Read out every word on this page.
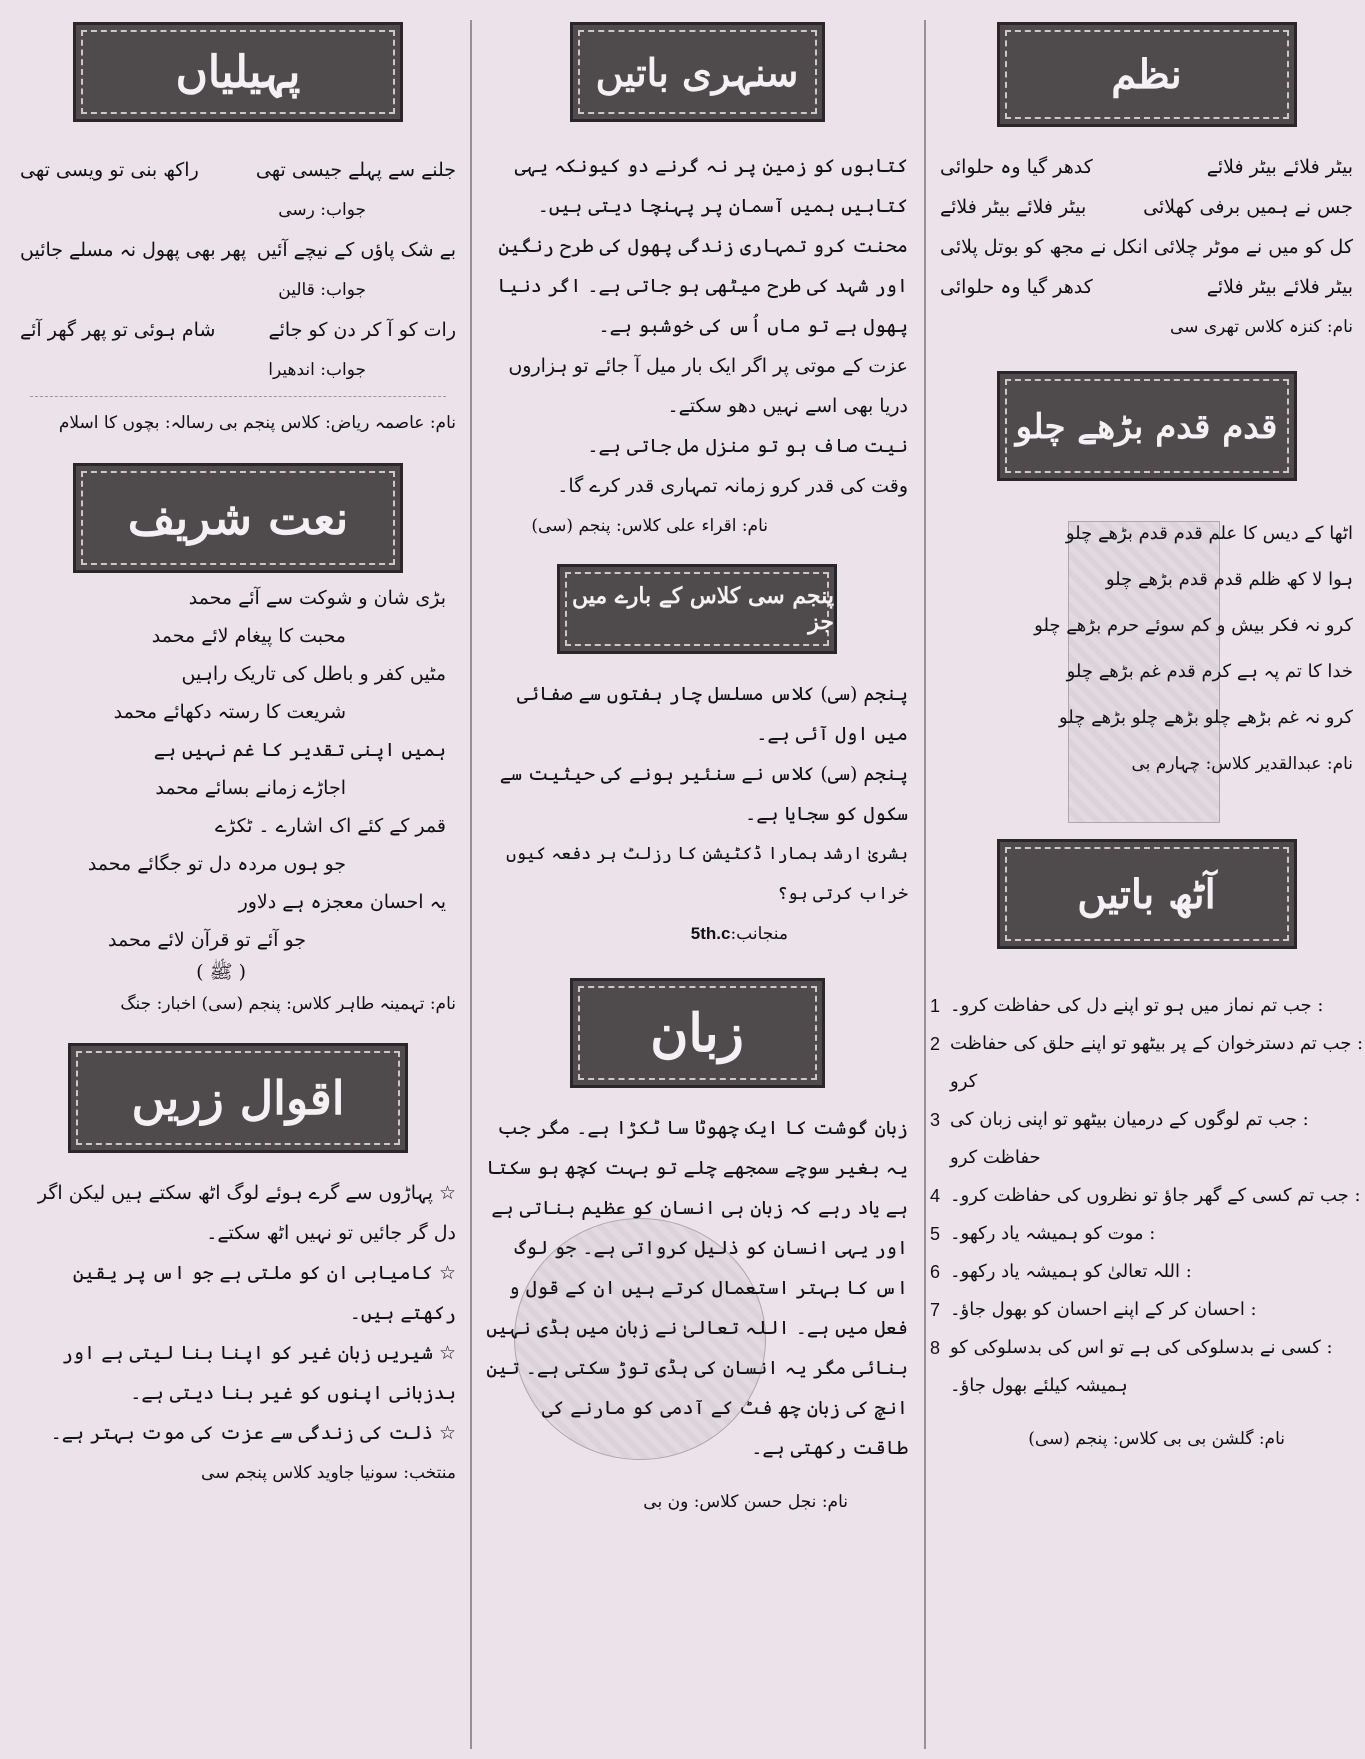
پہیلیاں
جلنے سے پہلے جیسی تھی
راکھ بنی تو ویسی تھی

جواب: رسی

بے شک پاؤں کے نیچے آئیں
پھر بھی پھول نہ مسلے جائیں

جواب: قالین

رات کو آ کر دن کو جائے
شام ہوئی تو پھر گھر آئے

جواب: اندھیرا

نام: عاصمہ ریاض: کلاس پنجم بی رسالہ: بچوں کا اسلام

نعت شریف

بڑی شان و شوکت سے آئے محمد

محبت کا پیغام لائے محمد

مٹیں کفر و باطل کی تاریک راہیں

شریعت کا رستہ دکھائے محمد

ہمیں اپنی تقدیر کا غم نہیں ہے

اجاڑے زمانے بسائے محمد

قمر کے کئے اک اشارے ۔ ٹکڑے

جو ہوں مردہ دل تو جگائے محمد

یہ احسان معجزہ ہے دلاور

جو آئے تو قرآن لائے محمد

( ﷺ )

نام: تہمینہ طاہر کلاس: پنجم (سی) اخبار: جنگ

اقوال زریں

☆ پہاڑوں سے گرے ہوئے لوگ اٹھ سکتے ہیں لیکن اگر دل گر جائیں تو نہیں اٹھ سکتے۔

☆ کامیابی ان کو ملتی ہے جو اس پر یقین رکھتے ہیں۔

☆ شیریں زبان غیر کو اپنا بنا لیتی ہے اور بدزبانی اپنوں کو غیر بنا دیتی ہے۔

☆ ذلت کی زندگی سے عزت کی موت بہتر ہے۔

منتخب: سونیا جاوید کلاس پنجم سی

سنہری باتیں

کتابوں کو زمین پر نہ گرنے دو کیونکہ یہی کتابیں ہمیں آسمان پر پہنچا دیتی ہیں۔

محنت کرو تمہاری زندگی پھول کی طرح رنگین اور شہد کی طرح میٹھی ہو جاتی ہے۔ اگر دنیا پھول ہے تو ماں اُس کی خوشبو ہے۔

عزت کے موتی پر اگر ایک بار میل آ جائے تو ہزاروں دریا بھی اسے نہیں دھو سکتے۔

نیت صاف ہو تو منزل مل جاتی ہے۔

وقت کی قدر کرو زمانہ تمہاری قدر کرے گا۔

نام: اقراء علی کلاس: پنجم (سی)

پنجم سی کلاس کے بارے میں جز

پنجم (سی) کلاس مسلسل چار ہفتوں سے صفائی میں اول آئی ہے۔

پنجم (سی) کلاس نے سنئیر ہونے کی حیثیت سے سکول کو سجایا ہے۔

بشریٰ ارشد ہمارا ڈکٹیشن کا رزلٹ ہر دفعہ کیوں خراب کرتی ہو؟

منجانب:5th.c

زبان

زبان گوشت کا ایک چھوٹا سا ٹکڑا ہے۔ مگر جب یہ بغیر سوچے سمجھے چلے تو بہت کچھ ہو سکتا ہے یاد رہے کہ زبان ہی انسان کو عظیم بناتی ہے اور یہی انسان کو ذلیل کرواتی ہے۔ جو لوگ اس کا بہتر استعمال کرتے ہیں ان کے قول و فعل میں ہے۔ اللہ تعالیٰ نے زبان میں ہڈی نہیں بنائی مگر یہ انسان کی ہڈی توڑ سکتی ہے۔ تین انچ کی زبان چھ فٹ کے آدمی کو مارنے کی طاقت رکھتی ہے۔

نام: نجل حسن کلاس: ون بی

نظم
بیٹر فلائے بیٹر فلائے
کدھر گیا وہ حلوائی
جس نے ہمیں برفی کھلائی
بیٹر فلائے بیٹر فلائے
کل کو میں نے موٹر چلائی
انکل نے مجھ کو بوتل پلائی
بیٹر فلائے بیٹر فلائے
کدھر گیا وہ حلوائی

نام: کنزہ کلاس تھری سی

قدم قدم بڑھے چلو

اٹھا کے دیس کا علم قدم قدم بڑھے چلو

ہوا لا کھ ظلم قدم قدم بڑھے چلو

کرو نہ فکر بیش و کم سوئے حرم بڑھے چلو

خدا کا تم پہ ہے کرم قدم غم بڑھے چلو

کرو نہ غم بڑھے چلو بڑھے چلو بڑھے چلو

نام: عبدالقدیر کلاس: چہارم بی

آٹھ باتیں
1 : جب تم نماز میں ہو تو اپنے دل کی حفاظت کرو۔
2 : جب تم دسترخوان کے پر بیٹھو تو اپنے حلق کی حفاظت کرو
3 : جب تم لوگوں کے درمیان بیٹھو تو اپنی زبان کی حفاظت کرو
4 : جب تم کسی کے گھر جاؤ تو نظروں کی حفاظت کرو۔
5 : موت کو ہمیشہ یاد رکھو۔
6 : اللہ تعالیٰ کو ہمیشہ یاد رکھو۔
7 : احسان کر کے اپنے احسان کو بھول جاؤ۔
8 : کسی نے بدسلوکی کی ہے تو اس کی بدسلوکی کو ہمیشہ کیلئے بھول جاؤ۔

نام: گلشن بی بی کلاس: پنجم (سی)
